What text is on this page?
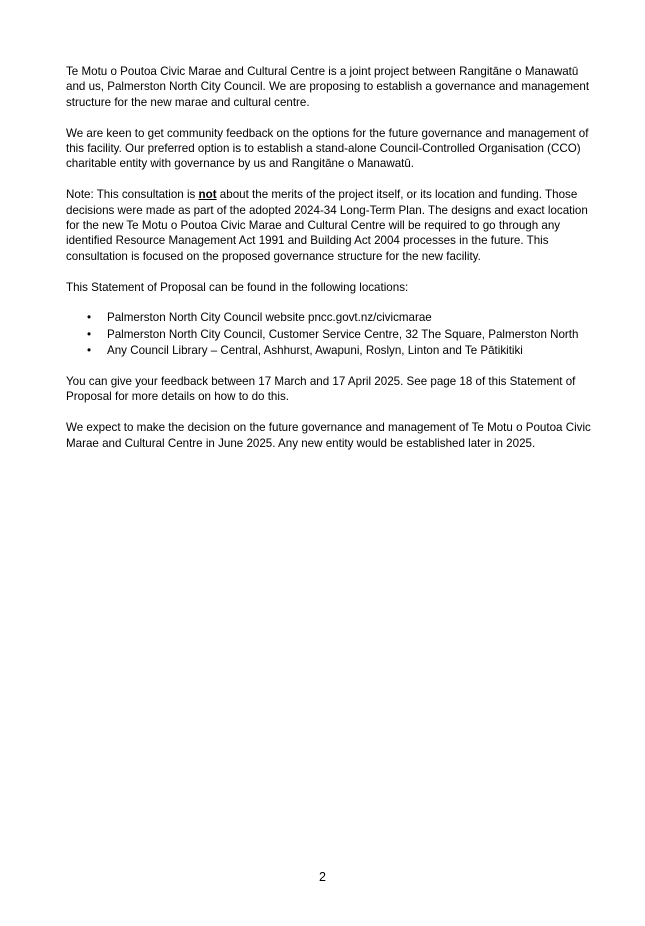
Te Motu o Poutoa Civic Marae and Cultural Centre is a joint project between Rangitāne o Manawatū and us, Palmerston North City Council. We are proposing to establish a governance and management structure for the new marae and cultural centre.

We are keen to get community feedback on the options for the future governance and management of this facility. Our preferred option is to establish a stand-alone Council-Controlled Organisation (CCO) charitable entity with governance by us and Rangitāne o Manawatū.

Note: This consultation is not about the merits of the project itself, or its location and funding. Those decisions were made as part of the adopted 2024-34 Long-Term Plan. The designs and exact location for the new Te Motu o Poutoa Civic Marae and Cultural Centre will be required to go through any identified Resource Management Act 1991 and Building Act 2004 processes in the future. This consultation is focused on the proposed governance structure for the new facility.

This Statement of Proposal can be found in the following locations:

• Palmerston North City Council website pncc.govt.nz/civicmarae
• Palmerston North City Council, Customer Service Centre, 32 The Square, Palmerston North
• Any Council Library – Central, Ashhurst, Awapuni, Roslyn, Linton and Te Pātikitiki

You can give your feedback between 17 March and 17 April 2025. See page 18 of this Statement of Proposal for more details on how to do this.

We expect to make the decision on the future governance and management of Te Motu o Poutoa Civic Marae and Cultural Centre in June 2025. Any new entity would be established later in 2025.

2
